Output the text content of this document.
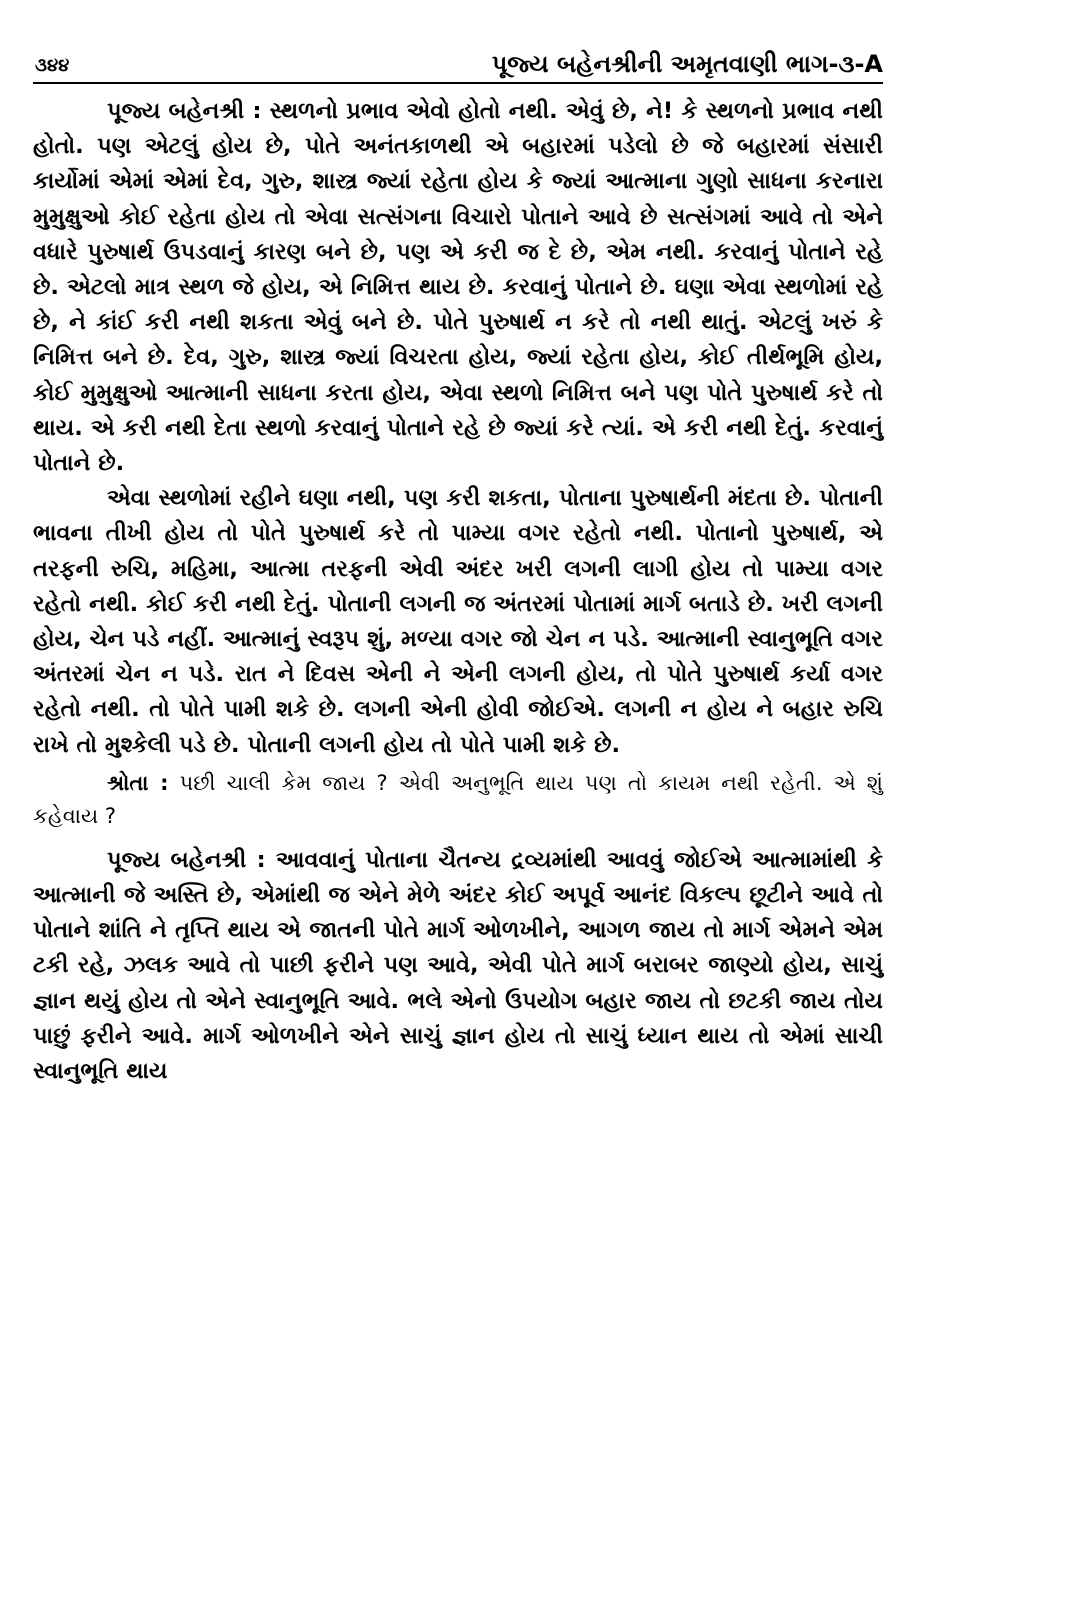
૩૪૪	પૂજ્ય બહેનશ્રીની અમૃતવાણી ભાગ-૩-A

પૂજ્ય બહેનશ્રી : સ્થળનો પ્રભાવ એવો હોતો નથી. એવું છે, ને! કે સ્થળનો પ્રભાવ નથી હોતો. પણ એટલું હોય છે, પોતે અનંતકાળથી એ બહારમાં પડેલો છે જે બહારમાં સંસારી કાર્યોમાં એમાં એમાં દેવ, ગુરુ, શાસ્ત્ર જ્યાં રહેતા હોય કે જ્યાં આત્માના ગુણો સાધના કરનારા મુમુક્ષુઓ કોઈ રહેતા હોય તો એવા સત્સંગના વિચારો પોતાને આવે છે સત્સંગમાં આવે તો એને વધારે પુરુષાર્થ ઉપડવાનું કારણ બને છે, પણ એ કરી જ દે છે, એમ નથી. કરવાનું પોતાને રહે છે. એટલો માત્ર સ્થળ જે હોય, એ નિમિત્ત થાય છે. કરવાનું પોતાને છે. ઘણા એવા સ્થળોમાં રહે છે, ને કાંઈ કરી નથી શકતા એવું બને છે. પોતે પુરુષાર્થ ન કરે તો નથી થાતું. એટલું ખરું કે નિમિત્ત બને છે. દેવ, ગુરુ, શાસ્ત્ર જ્યાં વિચરતા હોય, જ્યાં રહેતા હોય, કોઈ તીર્થભૂમિ હોય, કોઈ મુમુક્ષુઓ આત્માની સાધના કરતા હોય, એવા સ્થળો નિમિત્ત બને પણ પોતે પુરુષાર્થ કરે તો થાય. એ કરી નથી દેતા સ્થળો કરવાનું પોતાને રહે છે જ્યાં કરે ત્યાં. એ કરી નથી દેતું. કરવાનું પોતાને છે.

એવા સ્થળોમાં રહીને ઘણા નથી, પણ કરી શકતા, પોતાના પુરુષાર્થની મંદતા છે. પોતાની ભાવના તીખી હોય તો પોતે પુરુષાર્થ કરે તો પામ્યા વગર રહેતો નથી. પોતાનો પુરુષાર્થ, એ તરફની રુચિ, મહિમા, આત્મા તરફની એવી અંદર ખરી લગની લાગી હોય તો પામ્યા વગર રહેતો નથી. કોઈ કરી નથી દેતું. પોતાની લગની જ અંતરમાં પોતામાં માર્ગ બતાડે છે. ખરી લગની હોય, ચેન પડે નહીં. આત્માનું સ્વરૂપ શું, મળ્યા વગર જો ચેન ન પડે. આત્માની સ્વાનુભૂતિ વગર અંતરમાં ચેન ન પડે. રાત ને દિવસ એની ને એની લગની હોય, તો પોતે પુરુષાર્થ કર્યા વગર રહેતો નથી. તો પોતે પામી શકે છે. લગની એની હોવી જોઈએ. લગની ન હોય ને બહાર રુચિ રાખે તો મુશ્કેલી પડે છે. પોતાની લગની હોય તો પોતે પામી શકે છે.

શ્રોતા : પછી ચાલી કેમ જાય ? એવી અનુભૂતિ થાય પણ તો કાયમ નથી રહેતી. એ શું કહેવાય ?

પૂજ્ય બહેનશ્રી : આવવાનું પોતાના ચૈતન્ય દ્રવ્યમાંથી આવવું જોઈએ આત્મામાંથી કે આત્માની જે અસ્તિ છે, એમાંથી જ એને મેળે અંદર કોઈ અપૂર્વ આનંદ વિકલ્પ છૂટીને આવે તો પોતાને શાંતિ ને તૃપ્તિ થાય એ જાતની પોતે માર્ગ ઓળખીને, આગળ જાય તો માર્ગ એમને એમ ટકી રહે, ઝલક આવે તો પાછી ફરીને પણ આવે, એવી પોતે માર્ગ બરાબર જાણ્યો હોય, સાચું જ્ઞાન થયું હોય તો એને સ્વાનુભૂતિ આવે. ભલે એનો ઉપયોગ બહાર જાય તો છટકી જાય તોય પાછું ફરીને આવે. માર્ગ ઓળખીને એને સાચું જ્ઞાન હોય તો સાચું ધ્યાન થાય તો એમાં સાચી સ્વાનુભૂતિ થાય
